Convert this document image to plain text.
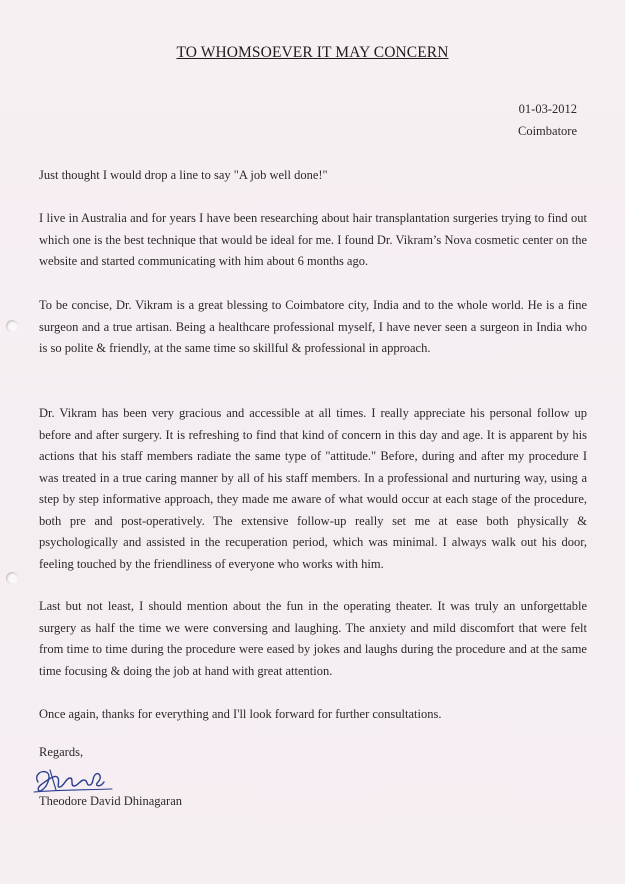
TO WHOMSOEVER IT MAY CONCERN
01-03-2012
Coimbatore
Just thought I would drop a line to say "A job well done!"
I live in Australia and for years I have been researching about hair transplantation surgeries trying to find out which one is the best technique that would be ideal for me. I found Dr. Vikram’s Nova cosmetic center on the website and started communicating with him about 6 months ago.
To be concise, Dr. Vikram is a great blessing to Coimbatore city, India and to the whole world. He is a fine surgeon and a true artisan. Being a healthcare professional myself, I have never seen a surgeon in India who is so polite & friendly, at the same time so skillful & professional in approach.
Dr. Vikram has been very gracious and accessible at all times. I really appreciate his personal follow up before and after surgery. It is refreshing to find that kind of concern in this day and age. It is apparent by his actions that his staff members radiate the same type of "attitude." Before, during and after my procedure I was treated in a true caring manner by all of his staff members. In a professional and nurturing way, using a step by step informative approach, they made me aware of what would occur at each stage of the procedure, both pre and post-operatively. The extensive follow-up really set me at ease both physically & psychologically and assisted in the recuperation period, which was minimal. I always walk out his door, feeling touched by the friendliness of everyone who works with him.
Last but not least, I should mention about the fun in the operating theater. It was truly an unforgettable surgery as half the time we were conversing and laughing. The anxiety and mild discomfort that were felt from time to time during the procedure were eased by jokes and laughs during the procedure and at the same time focusing & doing the job at hand with great attention.
Once again, thanks for everything and I'll look forward for further consultations.
Regards,
Theodore David Dhinagaran
